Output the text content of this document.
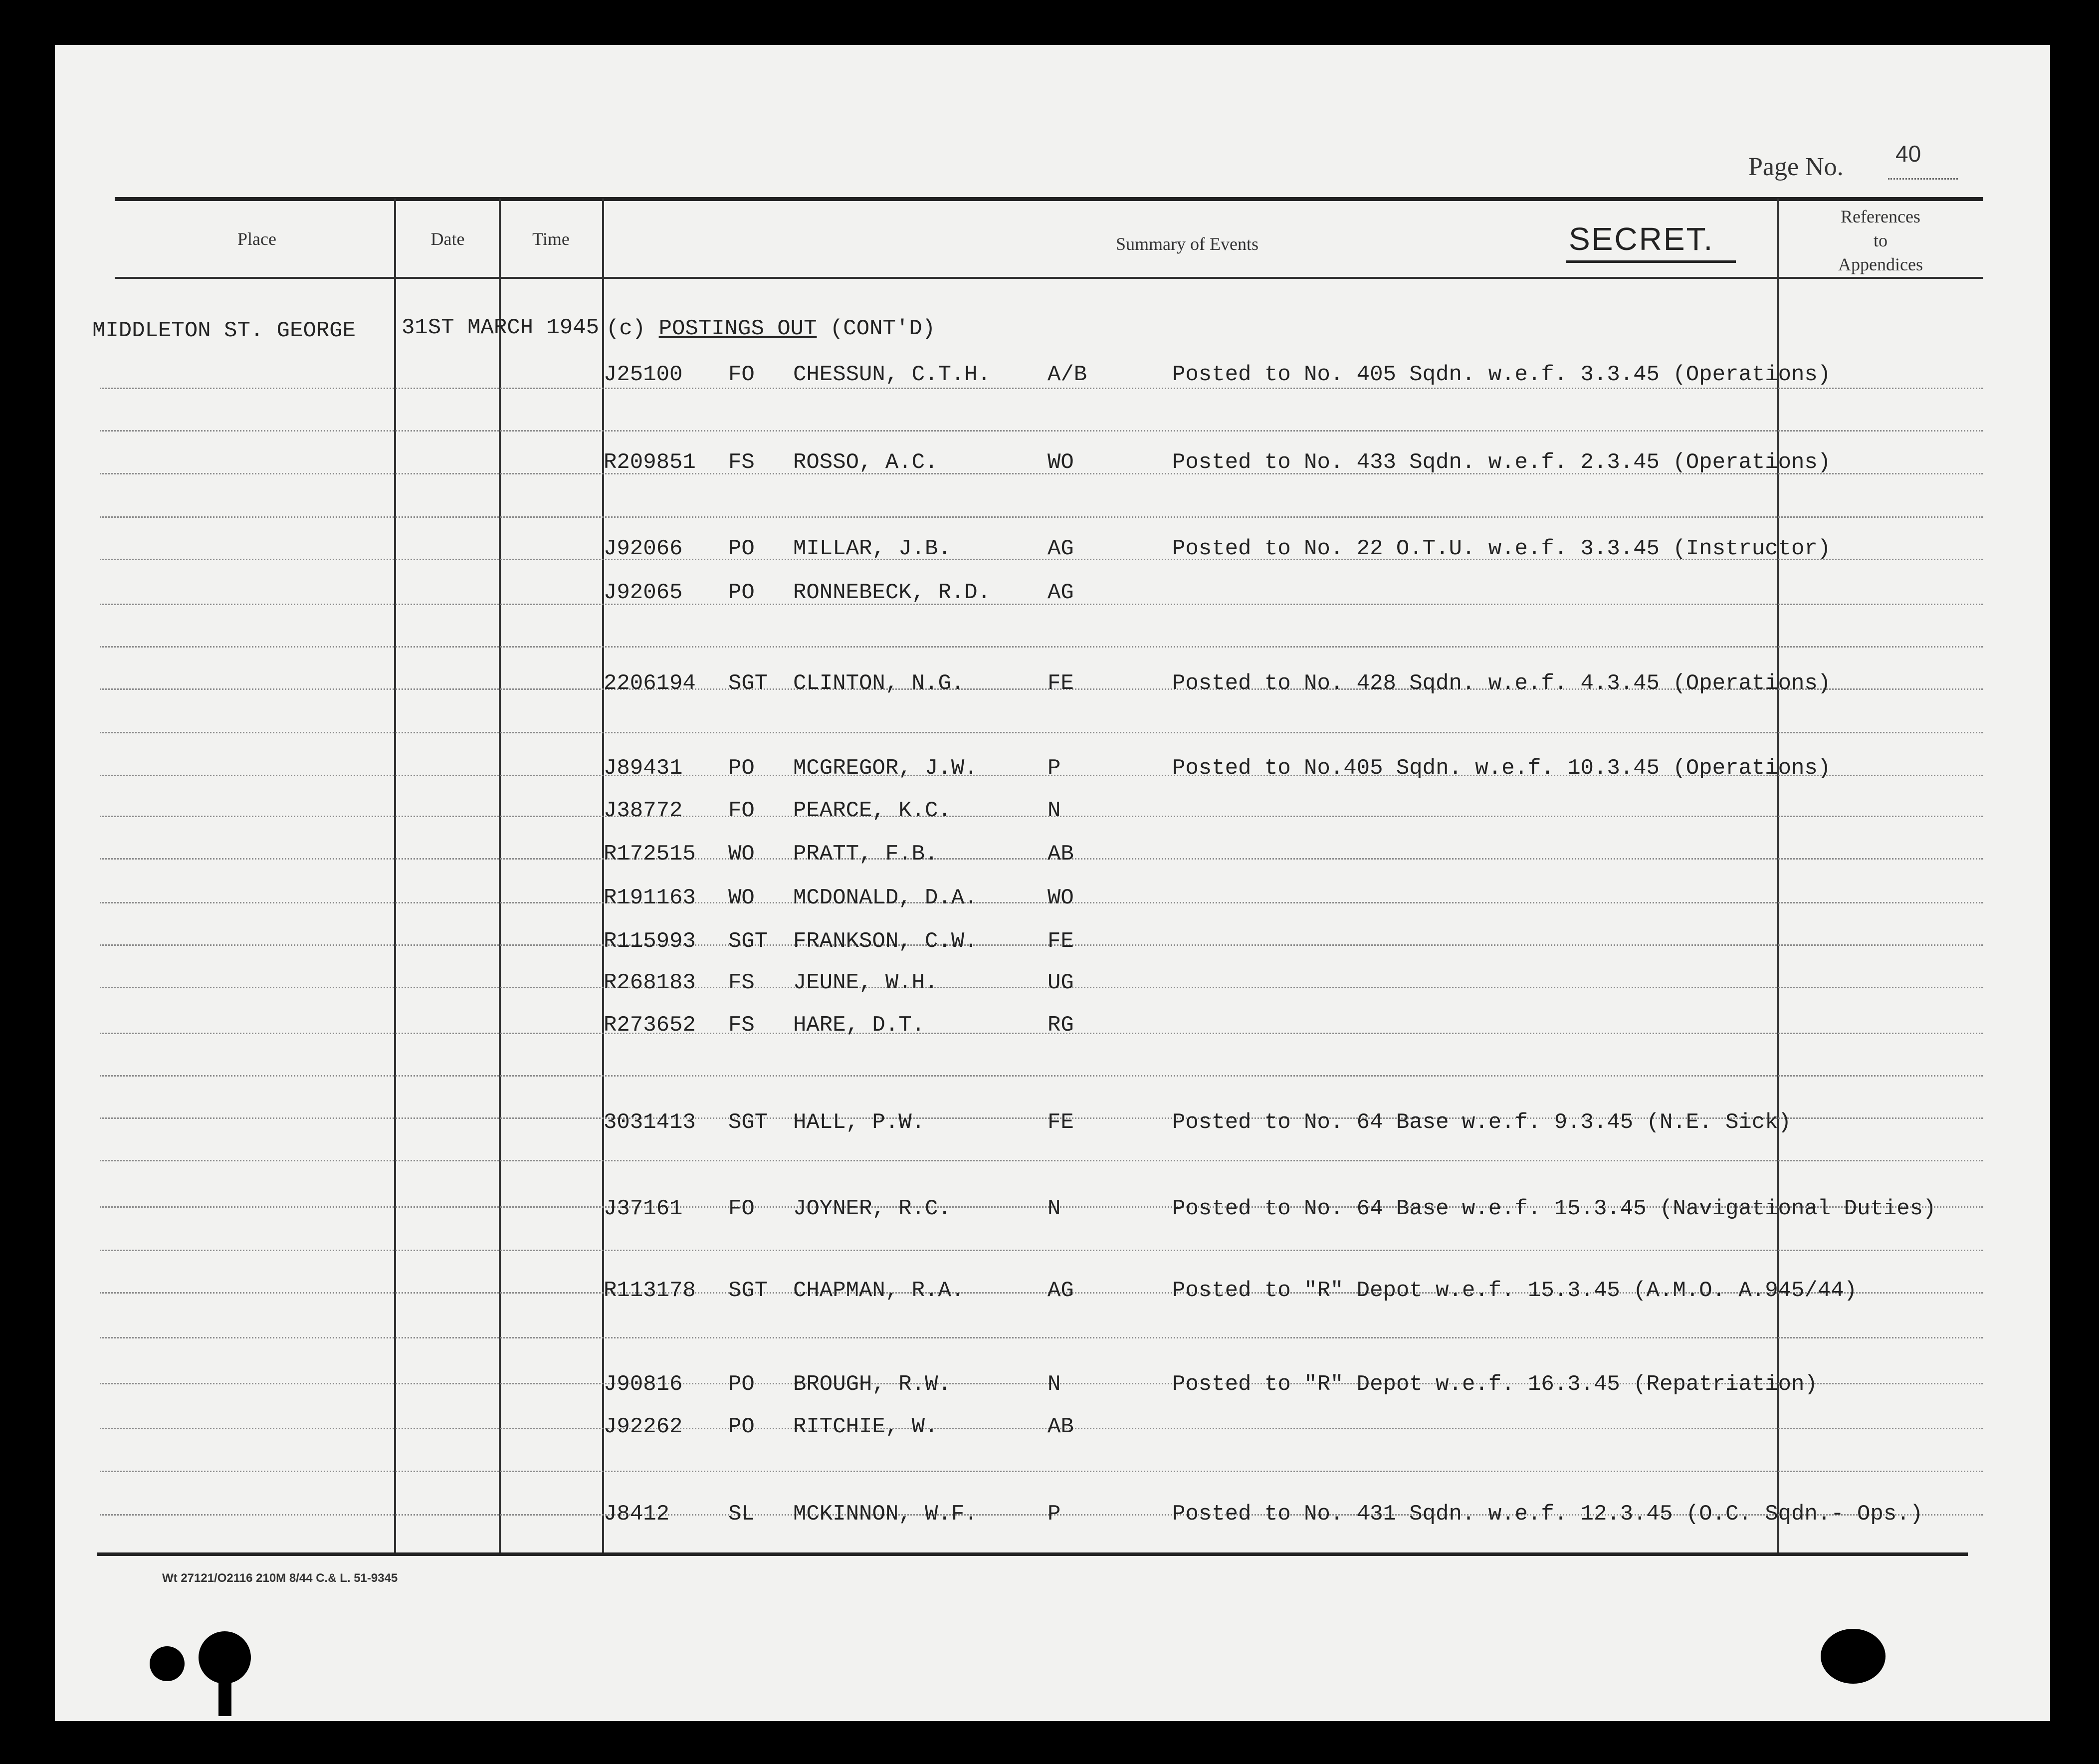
Page No. 40
Place	Date	Time	Summary of Events
References
to
Appendices
SECRET.
MIDDLETON ST. GEORGE 31ST MARCH 1945 (c) POSTINGS OUT (CONT'D)
J25100 FO CHESSUN, C.T.H.	A/B	Posted to No. 405 Sqdn. w.e.f. 3.3.45 (Operations)
R209851 FS ROSSO, A.C.	WO	Posted to No. 433 Sqdn. w.e.f. 2.3.45 (Operations)
J92066 PO MILLAR, J.B.	AG	Posted to No. 22 O.T.U. w.e.f. 3.3.45 (Instructor)
J92065 PO RONNEBECK, R.D.	AG
2206194 SGT CLINTON, N.G.	FE	Posted to No. 428 Sqdn. w.e.f. 4.3.45 (Operations)
J89431 PO MCGREGOR, J.W.	P	Posted to No.405 Sqdn. w.e.f. 10.3.45 (Operations)
J38772 FO PEARCE, K.C.	N
R172515 WO PRATT, F.B.	AB
R191163 WO MCDONALD, D.A.	WO
R115993 SGT FRANKSON, C.W.	FE
R268183 FS JEUNE, W.H.	UG
R273652 FS HARE, D.T.	RG
3031413 SGT HALL, P.W.	FE	Posted to No. 64 Base w.e.f. 9.3.45 (N.E. Sick)
J37161 FO JOYNER, R.C.	N	Posted to No. 64 Base w.e.f. 15.3.45 (Navigational Duties)
R113178 SGT CHAPMAN, R.A.	AG	Posted to "R" Depot w.e.f. 15.3.45 (A.M.O. A.945/44)
J90816 PO BROUGH, R.W.	N	Posted to "R" Depot w.e.f. 16.3.45 (Repatriation)
J92262 PO RITCHIE, W.	AB
J8412	SL MCKINNON, W.F.	P	Posted to No. 431 Sqdn. w.e.f. 12.3.45 (O.C. Sqdn.- Ops.)
Wt 27121/O2116 210M 8/44 C.& L. 51-9345
